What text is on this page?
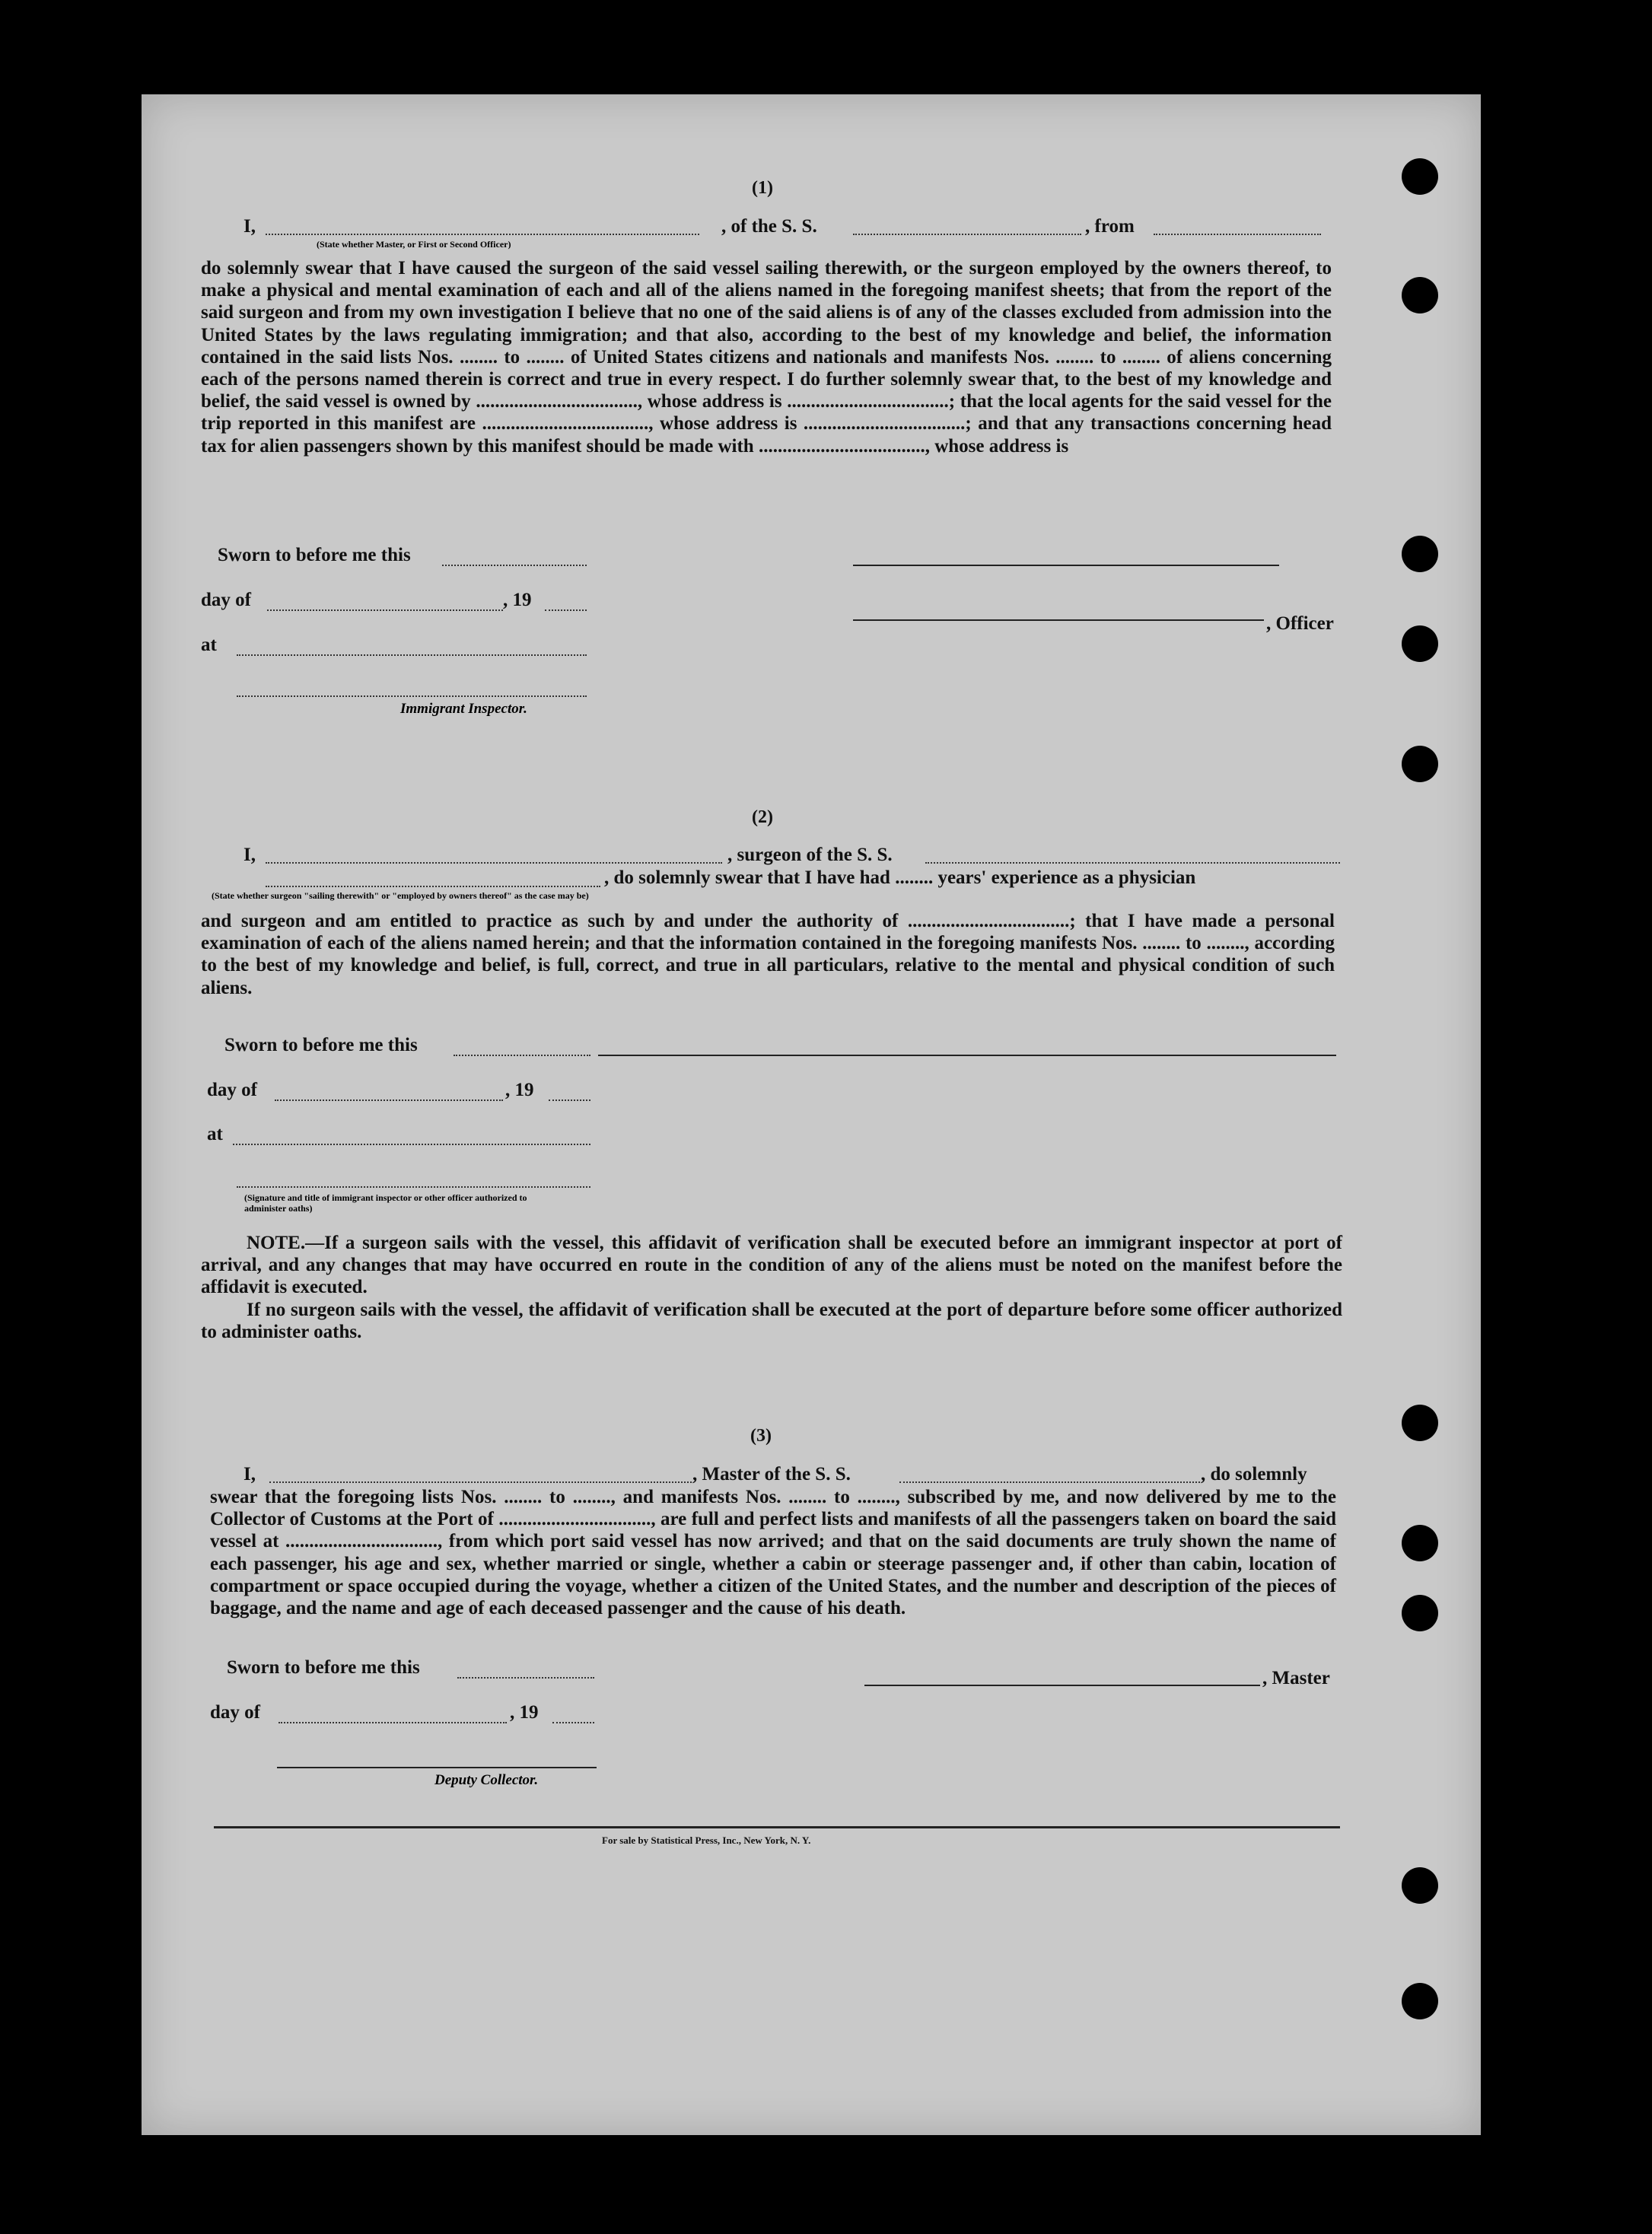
(1)
I,	, of the S. S.	, from
(State whether Master, or First or Second Officer)

do solemnly swear that I have caused the surgeon of the said vessel sailing therewith, or the surgeon employed by the owners thereof, to make a physical and mental examination of each and all of the aliens named in the foregoing manifest sheets; that from the report of the said surgeon and from my own investigation I believe that no one of the said aliens is of any of the classes excluded from admission into the United States by the laws regulating immigration; and that also, according to the best of my knowledge and belief, the information contained in the said lists Nos. ........ to ........ of United States citizens and nationals and manifests Nos. ........ to ........ of aliens concerning each of the persons named therein is correct and true in every respect. I do further solemnly swear that, to the best of my knowledge and belief, the said vessel is owned by .................................., whose address is ..................................; that the local agents for the said vessel for the trip reported in this manifest are ..................................., whose address is ..................................; and that any transactions concerning head tax for alien passengers shown by this manifest should be made with ..................................., whose address is

Sworn to before me this
day of	, 19
, Officer
at
Immigrant Inspector.
(2)
I,	, surgeon of the S. S.
, do solemnly swear that I have had ........ years' experience as a physician
(State whether surgeon "sailing therewith" or "employed by owners thereof" as the case may be)

and surgeon and am entitled to practice as such by and under the authority of ..................................; that I have made a personal examination of each of the aliens named herein; and that the information contained in the foregoing manifests Nos. ........ to ........, according to the best of my knowledge and belief, is full, correct, and true in all particulars, relative to the mental and physical condition of such aliens.

Sworn to before me this
day of	, 19
at
(Signature and title of immigrant inspector or other officer authorized to administer oaths)

NOTE.—If a surgeon sails with the vessel, this affidavit of verification shall be executed before an immigrant inspector at port of arrival, and any changes that may have occurred en route in the condition of any of the aliens must be noted on the manifest before the affidavit is executed.

If no surgeon sails with the vessel, the affidavit of verification shall be executed at the port of departure before some officer authorized to administer oaths.

(3)
I,	, Master of the S. S.	, do solemnly

swear that the foregoing lists Nos. ........ to ........, and manifests Nos. ........ to ........, subscribed by me, and now delivered by me to the Collector of Customs at the Port of ................................, are full and perfect lists and manifests of all the passengers taken on board the said vessel at ................................, from which port said vessel has now arrived; and that on the said documents are truly shown the name of each passenger, his age and sex, whether married or single, whether a cabin or steerage passenger and, if other than cabin, location of compartment or space occupied during the voyage, whether a citizen of the United States, and the number and description of the pieces of baggage, and the name and age of each deceased passenger and the cause of his death.

Sworn to before me this
, Master
day of	, 19
Deputy Collector.
For sale by Statistical Press, Inc., New York, N. Y.
